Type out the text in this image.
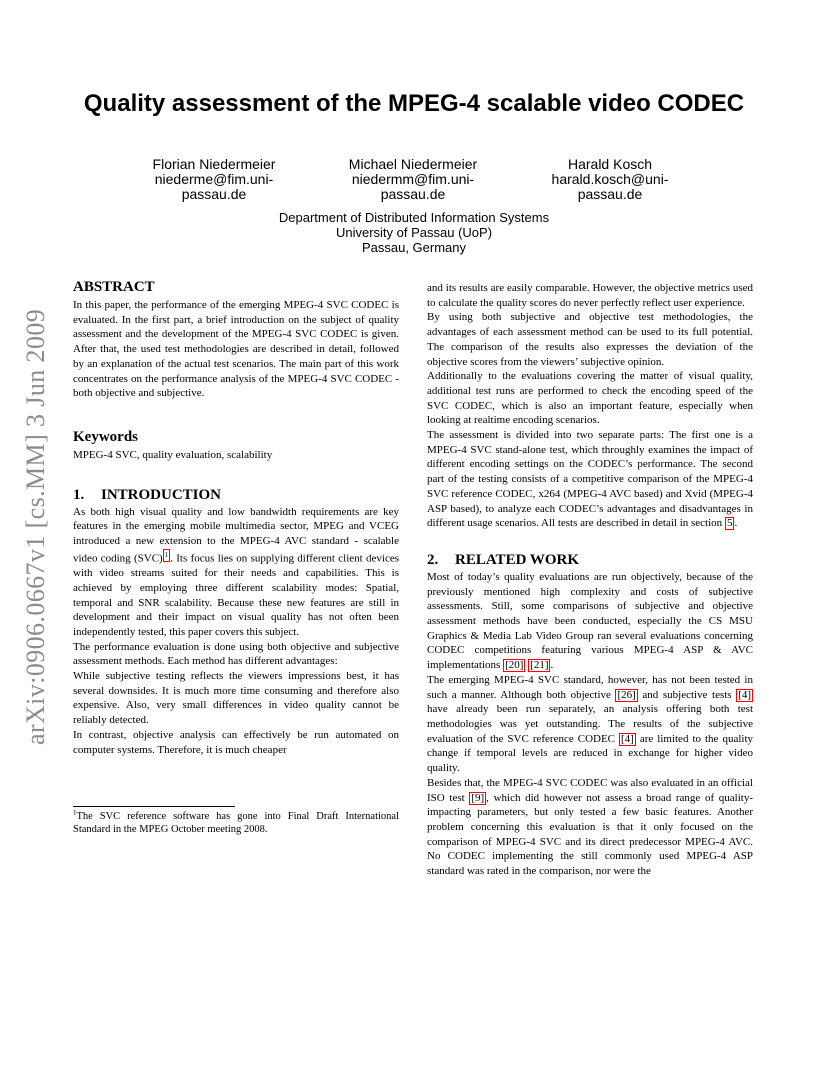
arXiv:0906.0667v1 [cs.MM] 3 Jun 2009
Quality assessment of the MPEG-4 scalable video CODEC
Florian Niedermeier
niederme@fim.uni-
passau.de
Michael Niedermeier
niedermm@fim.uni-
passau.de
Harald Kosch
harald.kosch@uni-
passau.de
Department of Distributed Information Systems
University of Passau (UoP)
Passau, Germany
ABSTRACT

In this paper, the performance of the emerging MPEG-4 SVC CODEC is evaluated. In the first part, a brief introduction on the subject of quality assessment and the development of the MPEG-4 SVC CODEC is given. After that, the used test methodologies are described in detail, followed by an explanation of the actual test scenarios. The main part of this work concentrates on the performance analysis of the MPEG-4 SVC CODEC - both objective and subjective.

Keywords

MPEG-4 SVC, quality evaluation, scalability

1. INTRODUCTION

As both high visual quality and low bandwidth requirements are key features in the emerging mobile multimedia sector, MPEG and VCEG introduced a new extension to the MPEG-4 AVC standard - scalable video coding (SVC) $^1$ . Its focus lies on supplying different client devices with video streams suited for their needs and capabilities. This is achieved by employing three different scalability modes: Spatial, temporal and SNR scalability. Because these new features are still in development and their impact on visual quality has not often been independently tested, this paper covers this subject.

The performance evaluation is done using both objective and subjective assessment methods. Each method has different advantages:

While subjective testing reflects the viewers impressions best, it has several downsides. It is much more time consuming and therefore also expensive. Also, very small differences in video quality cannot be reliably detected.

In contrast, objective analysis can effectively be run automated on computer systems. Therefore, it is much cheaper

$^1$The SVC reference software has gone into Final Draft International Standard in the MPEG October meeting 2008.

and its results are easily comparable. However, the objective metrics used to calculate the quality scores do never perfectly reflect user experience.

By using both subjective and objective test methodologies, the advantages of each assessment method can be used to its full potential. The comparison of the results also expresses the deviation of the objective scores from the viewers’ subjective opinion.

Additionally to the evaluations covering the matter of visual quality, additional test runs are performed to check the encoding speed of the SVC CODEC, which is also an important feature, especially when looking at realtime encoding scenarios.

The assessment is divided into two separate parts: The first one is a MPEG-4 SVC stand-alone test, which throughly examines the impact of different encoding settings on the CODEC’s performance. The second part of the testing consists of a competitive comparison of the MPEG-4 SVC reference CODEC, x264 (MPEG-4 AVC based) and Xvid (MPEG-4 ASP based), to analyze each CODEC’s advantages and disadvantages in different usage scenarios. All tests are described in detail in section 5 .

2. RELATED WORK

Most of today’s quality evaluations are run objectively, because of the previously mentioned high complexity and costs of subjective assessments. Still, some comparisons of subjective and objective assessment methods have been conducted, especially the CS MSU Graphics & Media Lab Video Group ran several evaluations concerning CODEC competitions featuring various MPEG-4 ASP & AVC implementations [20] [21] .

The emerging MPEG-4 SVC standard, however, has not been tested in such a manner. Although both objective [26] and subjective tests [4] have already been run separately, an analysis offering both test methodologies was yet outstanding. The results of the subjective evaluation of the SVC reference CODEC [4] are limited to the quality change if temporal levels are reduced in exchange for higher video quality.

Besides that, the MPEG-4 SVC CODEC was also evaluated in an official ISO test [9] , which did however not assess a broad range of quality-impacting parameters, but only tested a few basic features. Another problem concerning this evaluation is that it only focused on the comparison of MPEG-4 SVC and its direct predecessor MPEG-4 AVC. No CODEC implementing the still commonly used MPEG-4 ASP standard was rated in the comparison, nor were the
